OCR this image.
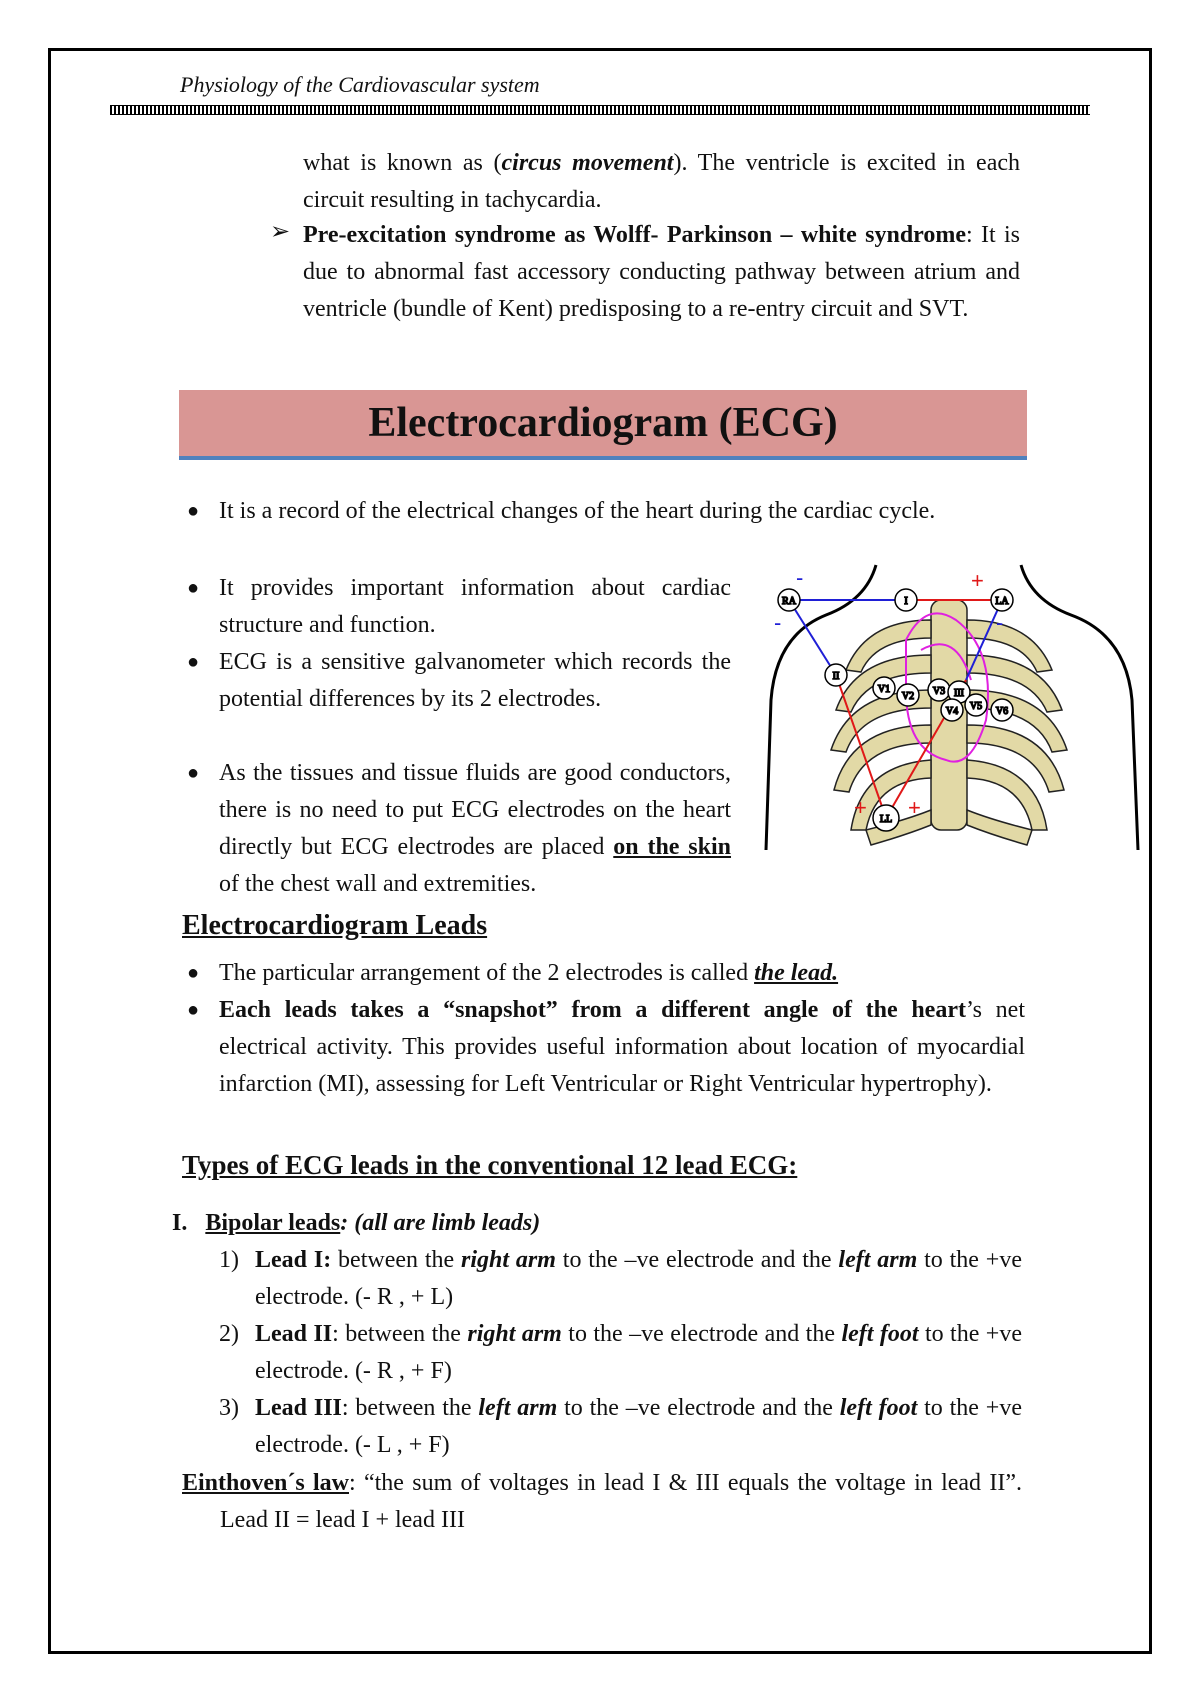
Physiology of the Cardiovascular system

what is known as (circus movement). The ventricle is excited in each circuit resulting in tachycardia.

➢ Pre-excitation syndrome as Wolff- Parkinson – white syndrome: It is due to abnormal fast accessory conducting pathway between atrium and ventricle (bundle of Kent) predisposing to a re-entry circuit and SVT.

Electrocardiogram (ECG)
● It is a record of the electrical changes of the heart during the cardiac cycle.

● It provides important information about cardiac structure and function.

● ECG is a sensitive galvanometer which records the potential differences by its 2 electrodes.

● As the tissues and tissue fluids are good conductors, there is no need to put ECG electrodes on the heart directly but ECG electrodes are placed on the skin of the chest wall and extremities.

RA	I	LA
II
LL
V1
V2 V3 III
V4 V5 V6
-	+
-	-
+ +
Electrocardiogram Leads
● The particular arrangement of the 2 electrodes is called the lead.

● Each leads takes a “snapshot” from a different angle of the heart’s net electrical activity. This provides useful information about location of myocardial infarction (MI), assessing for Left Ventricular or Right Ventricular hypertrophy).

Types of ECG leads in the conventional 12 lead ECG:
I. Bipolar leads: (all are limb leads)
1) Lead I: between the right arm to the –ve electrode and the left arm to the +ve electrode. (- R , + L)

2) Lead II: between the right arm to the –ve electrode and the left foot to the +ve electrode. (- R , + F)

3) Lead III: between the left arm to the –ve electrode and the left foot to the +ve electrode. (- L , + F)

Einthoven´s law: “the sum of voltages in lead I & III equals the voltage in lead II”.Lead II = lead I + lead III
